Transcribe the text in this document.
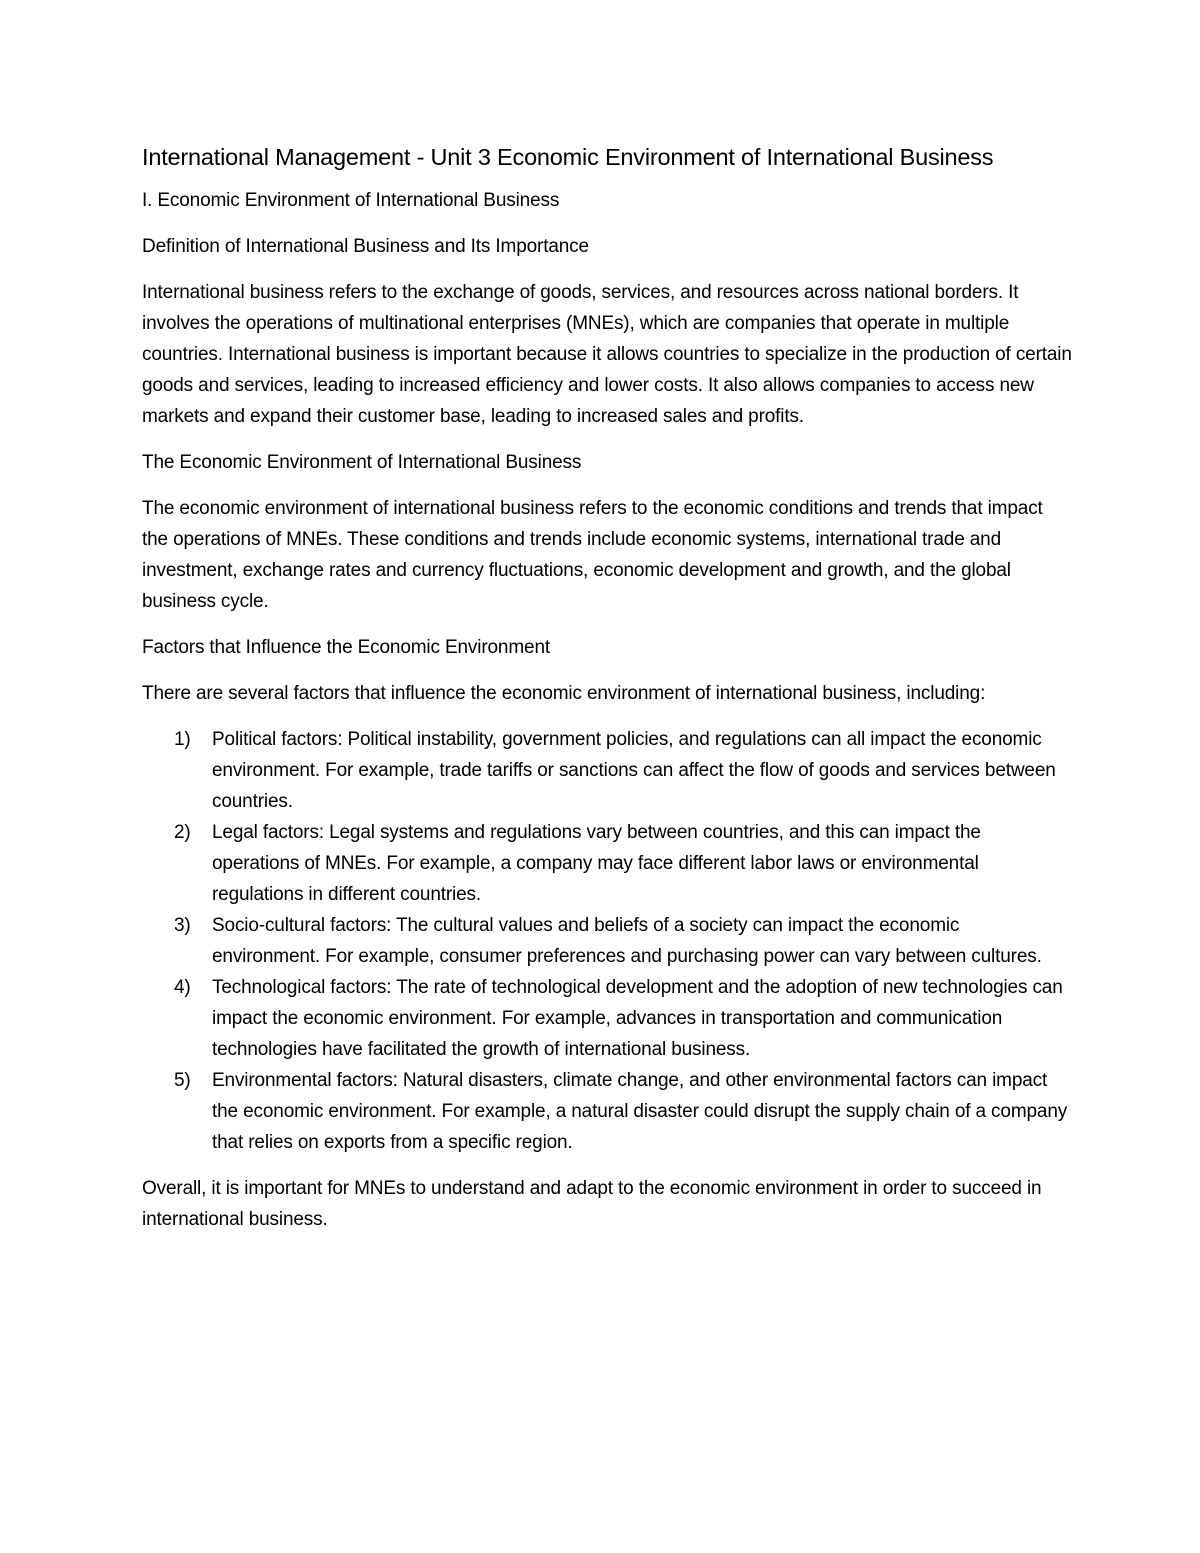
International Management - Unit 3 Economic Environment of International Business
I. Economic Environment of International Business
Definition of International Business and Its Importance

International business refers to the exchange of goods, services, and resources across national borders. It involves the operations of multinational enterprises (MNEs), which are companies that operate in multiple countries. International business is important because it allows countries to specialize in the production of certain goods and services, leading to increased efficiency and lower costs. It also allows companies to access new markets and expand their customer base, leading to increased sales and profits.

The Economic Environment of International Business

The economic environment of international business refers to the economic conditions and trends that impact the operations of MNEs. These conditions and trends include economic systems, international trade and investment, exchange rates and currency fluctuations, economic development and growth, and the global business cycle.

Factors that Influence the Economic Environment

There are several factors that influence the economic environment of international business, including:

1) Political factors: Political instability, government policies, and regulations can all impact the economic environment. For example, trade tariffs or sanctions can affect the flow of goods and services between countries.
2) Legal factors: Legal systems and regulations vary between countries, and this can impact the operations of MNEs. For example, a company may face different labor laws or environmental regulations in different countries.
3) Socio-cultural factors: The cultural values and beliefs of a society can impact the economic environment. For example, consumer preferences and purchasing power can vary between cultures.
4) Technological factors: The rate of technological development and the adoption of new technologies can impact the economic environment. For example, advances in transportation and communication technologies have facilitated the growth of international business.
5) Environmental factors: Natural disasters, climate change, and other environmental factors can impact the economic environment. For example, a natural disaster could disrupt the supply chain of a company that relies on exports from a specific region.

Overall, it is important for MNEs to understand and adapt to the economic environment in order to succeed in international business.
